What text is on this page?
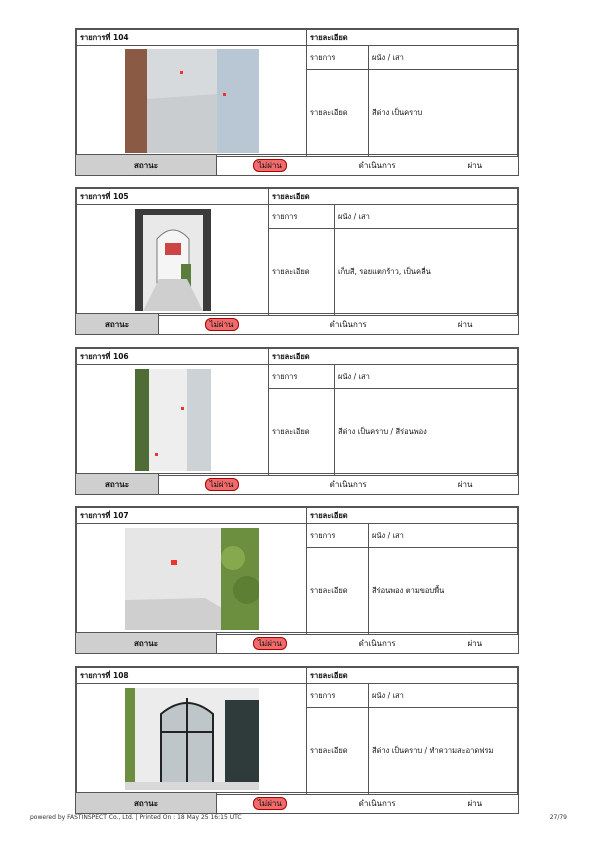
รายการที่ 104	รายละเอียด	

	รายการ	ผนัง / เสา
	รายละเอียด	สีด่าง เป็นคราบ
สถานะ	ไม่ผ่าน	ดำเนินการ	ผ่าน
รายการที่ 105	รายละเอียด	

	รายการ	ผนัง / เสา
	รายละเอียด	เก็บสี, รอยแตกร้าว, เป็นคลื่น
สถานะ	ไม่ผ่าน	ดำเนินการ	ผ่าน
รายการที่ 106	รายละเอียด	

	รายการ	ผนัง / เสา
	รายละเอียด	สีด่าง เป็นคราบ / สีร่อนพอง
สถานะ	ไม่ผ่าน	ดำเนินการ	ผ่าน
รายการที่ 107	รายละเอียด	

	รายการ	ผนัง / เสา
	รายละเอียด	สีร่อนพอง ตามขอบพื้น
สถานะ	ไม่ผ่าน	ดำเนินการ	ผ่าน
รายการที่ 108	รายละเอียด	

	รายการ	ผนัง / เสา
	รายละเอียด	สีด่าง เป็นคราบ / ทำความสะอาดฟรม
สถานะ	ไม่ผ่าน	ดำเนินการ	ผ่าน
powered by FASTINSPECT Co., Ltd. | Printed On : 18 May 25 16:15 UTC	27/79
